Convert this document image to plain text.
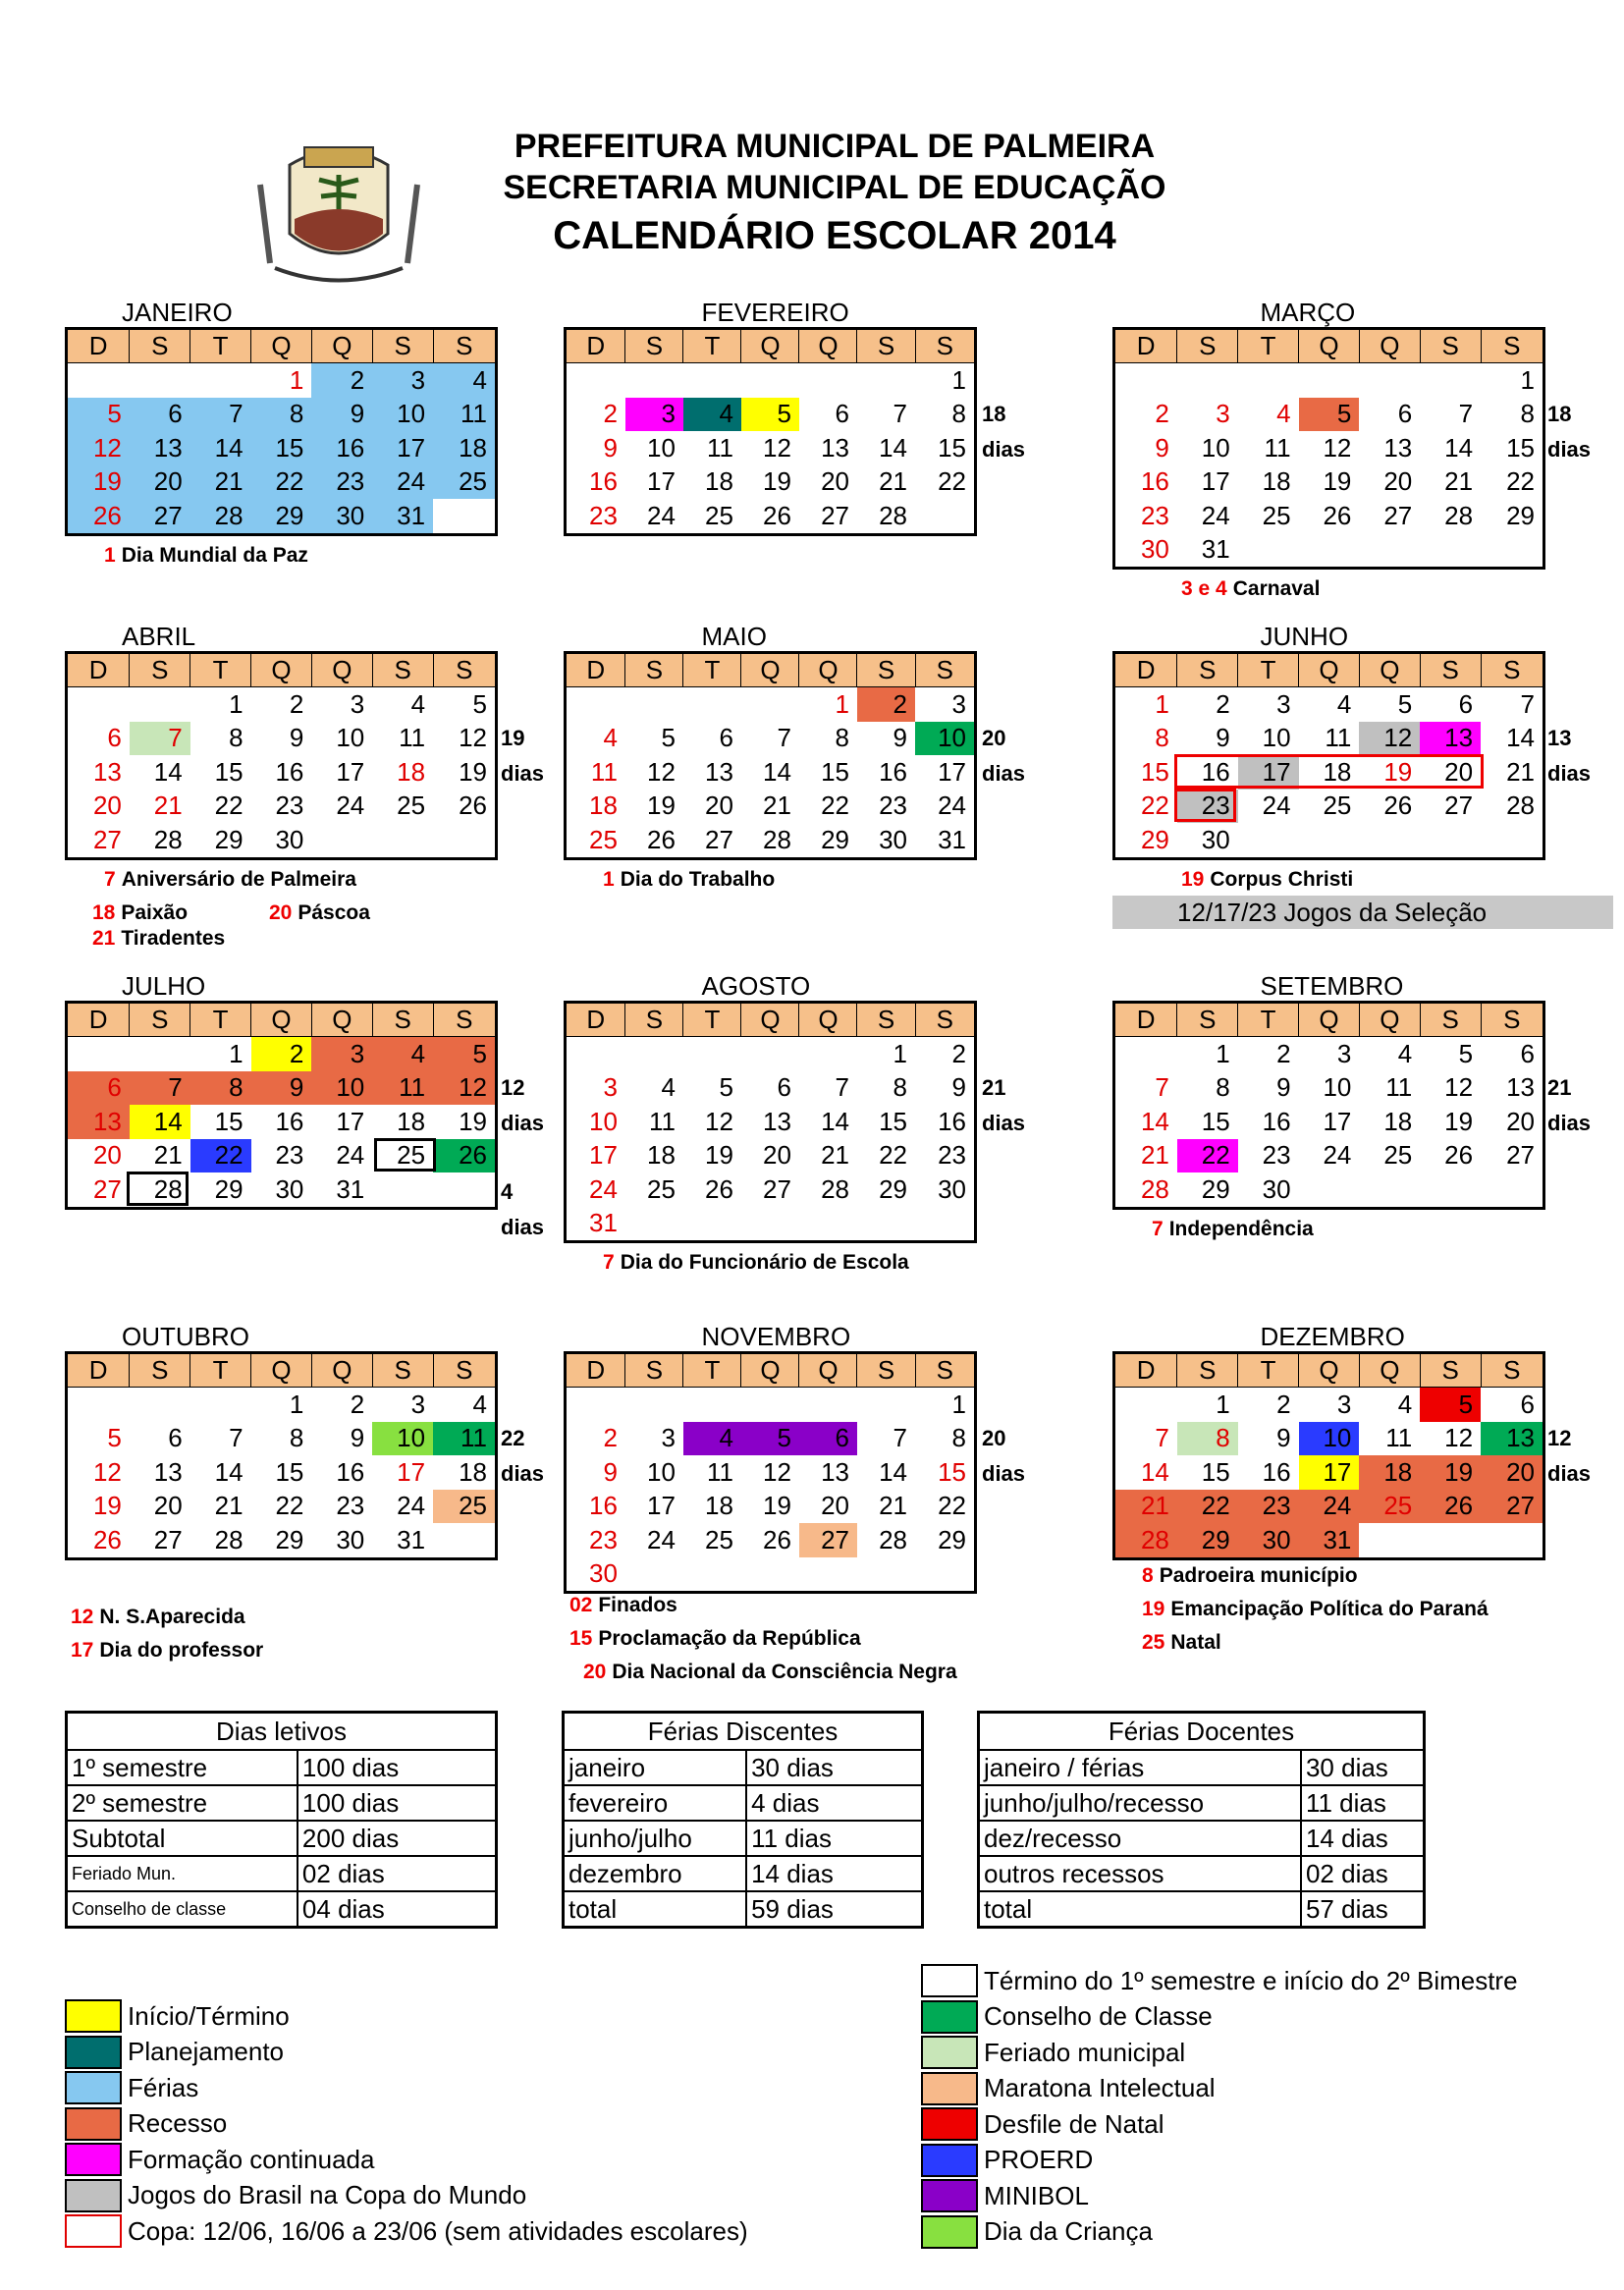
PREFEITURA MUNICIPAL DE PALMEIRA
SECRETARIA MUNICIPAL DE EDUCAÇÃO
CALENDÁRIO ESCOLAR 2014
D	S	T	Q	Q	S	S
			1	2	3	4
5	6	7	8	9	10	11
12	13	14	15	16	17	18
19	20	21	22	23	24	25
26	27	28	29	30	31	
JANEIRO
1 Dia Mundial da Paz
D	S	T	Q	Q	S	S
						1
2	3	4	5	6	7	8
9	10	11	12	13	14	15
16	17	18	19	20	21	22
23	24	25	26	27	28	
FEVEREIRO
18
dias
D	S	T	Q	Q	S	S
						1
2	3	4	5	6	7	8
9	10	11	12	13	14	15
16	17	18	19	20	21	22
23	24	25	26	27	28	29
30	31					
MARÇO
18
dias
3 e 4 Carnaval
D	S	T	Q	Q	S	S
		1	2	3	4	5
6	7	8	9	10	11	12
13	14	15	16	17	18	19
20	21	22	23	24	25	26
27	28	29	30			
ABRIL
19
dias
7 Aniversário de Palmeira
18 Paixão	20 Páscoa
21 Tiradentes
D	S	T	Q	Q	S	S
				1	2	3
4	5	6	7	8	9	10
11	12	13	14	15	16	17
18	19	20	21	22	23	24
25	26	27	28	29	30	31
MAIO
20
dias
1 Dia do Trabalho
D	S	T	Q	Q	S	S
1	2	3	4	5	6	7
8	9	10	11	12	13	14
15	16	17	18	19	20	21
22	23	24	25	26	27	28
29	30					
JUNHO
13
dias
19 Corpus Christi
12/17/23 Jogos da Seleção
D	S	T	Q	Q	S	S
		1	2	3	4	5
6	7	8	9	10	11	12
13	14	15	16	17	18	19
20	21	22	23	24	25	26
27	28	29	30	31		
JULHO
12
dias
4
dias
D	S	T	Q	Q	S	S
					1	2
3	4	5	6	7	8	9
10	11	12	13	14	15	16
17	18	19	20	21	22	23
24	25	26	27	28	29	30
31						
AGOSTO
21
dias
7 Dia do Funcionário de Escola
D	S	T	Q	Q	S	S
	1	2	3	4	5	6
7	8	9	10	11	12	13
14	15	16	17	18	19	20
21	22	23	24	25	26	27
28	29	30				
SETEMBRO
21
dias
7 Independência
D	S	T	Q	Q	S	S
			1	2	3	4
5	6	7	8	9	10	11
12	13	14	15	16	17	18
19	20	21	22	23	24	25
26	27	28	29	30	31	
OUTUBRO
22
dias
12 N. S.Aparecida
17 Dia do professor
D	S	T	Q	Q	S	S
						1
2	3	4	5	6	7	8
9	10	11	12	13	14	15
16	17	18	19	20	21	22
23	24	25	26	27	28	29
30						
NOVEMBRO
20
dias
02 Finados
15 Proclamação da República
20 Dia Nacional da Consciência Negra
D	S	T	Q	Q	S	S
	1	2	3	4	5	6
7	8	9	10	11	12	13
14	15	16	17	18	19	20
21	22	23	24	25	26	27
28	29	30	31			
DEZEMBRO
12
dias
8 Padroeira município
19 Emancipação Política do Paraná
25 Natal
Dias letivos	
1º semestre	100 dias
2º semestre	100 dias
Subtotal	200 dias
Feriado Mun.	02 dias
Conselho de classe	04 dias
Férias Discentes	
janeiro	30 dias
fevereiro	4 dias
junho/julho	11 dias
dezembro	14 dias
total	59 dias
Férias Docentes	
janeiro / férias	30 dias
junho/julho/recesso	11 dias
dez/recesso	14 dias
outros recessos	02 dias
total	57 dias
Início/Término
Planejamento
Férias
Recesso
Formação continuada
Jogos do Brasil na Copa do Mundo
Copa: 12/06, 16/06 a 23/06 (sem atividades escolares)
Término do 1º semestre e início do 2º Bimestre
Conselho de Classe
Feriado municipal
Maratona Intelectual
Desfile de Natal
PROERD
MINIBOL
Dia da Criança
